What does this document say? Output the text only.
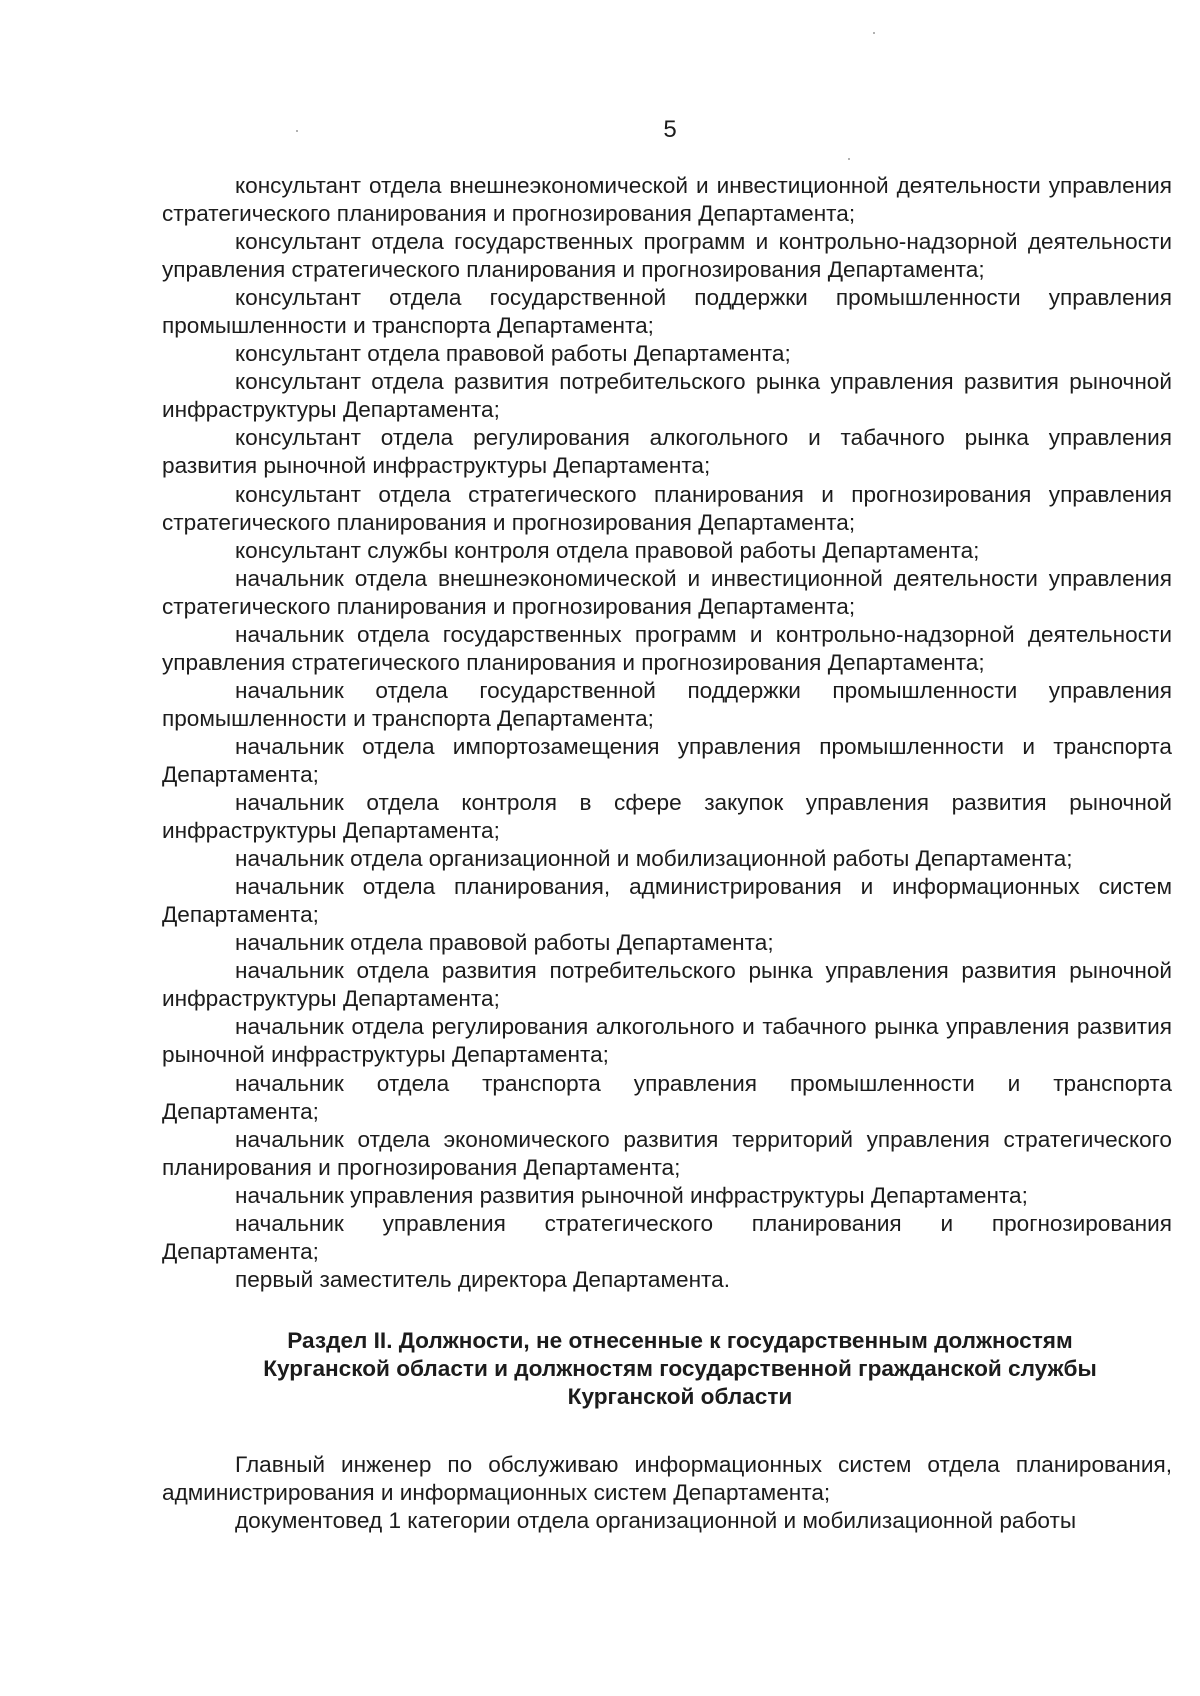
5

консультант отдела внешнеэкономической и инвестиционной деятельности управления стратегического планирования и прогнозирования Департамента;

консультант отдела государственных программ и контрольно-надзорной деятельности управления стратегического планирования и прогнозирования Департамента;

консультант отдела государственной поддержки промышленности управления промышленности и транспорта Департамента;

консультант отдела правовой работы Департамента;

консультант отдела развития потребительского рынка управления развития рыночной инфраструктуры Департамента;

консультант отдела регулирования алкогольного и табачного рынка управления развития рыночной инфраструктуры Департамента;

консультант отдела стратегического планирования и прогнозирования управления стратегического планирования и прогнозирования Департамента;

консультант службы контроля отдела правовой работы Департамента;

начальник отдела внешнеэкономической и инвестиционной деятельности управления стратегического планирования и прогнозирования Департамента;

начальник отдела государственных программ и контрольно-надзорной деятельности управления стратегического планирования и прогнозирования Департамента;

начальник отдела государственной поддержки промышленности управления промышленности и транспорта Департамента;

начальник отдела импортозамещения управления промышленности и транспорта Департамента;

начальник отдела контроля в сфере закупок управления развития рыночной инфраструктуры Департамента;

начальник отдела организационной и мобилизационной работы Департамента;

начальник отдела планирования, администрирования и информационных систем Департамента;

начальник отдела правовой работы Департамента;

начальник отдела развития потребительского рынка управления развития рыночной инфраструктуры Департамента;

начальник отдела регулирования алкогольного и табачного рынка управления развития рыночной инфраструктуры Департамента;

начальник отдела транспорта управления промышленности и транспорта Департамента;

начальник отдела экономического развития территорий управления стратегического планирования и прогнозирования Департамента;

начальник управления развития рыночной инфраструктуры Департамента;

начальник управления стратегического планирования и прогнозирования Департамента;

первый заместитель директора Департамента.

Раздел II. Должности, не отнесенные к государственным должностям
Курганской области и должностям государственной гражданской службы
Курганской области

Главный инженер по обслуживаю информационных систем отдела планирования, администрирования и информационных систем Департамента;

документовед 1 категории отдела организационной и мобилизационной работы
